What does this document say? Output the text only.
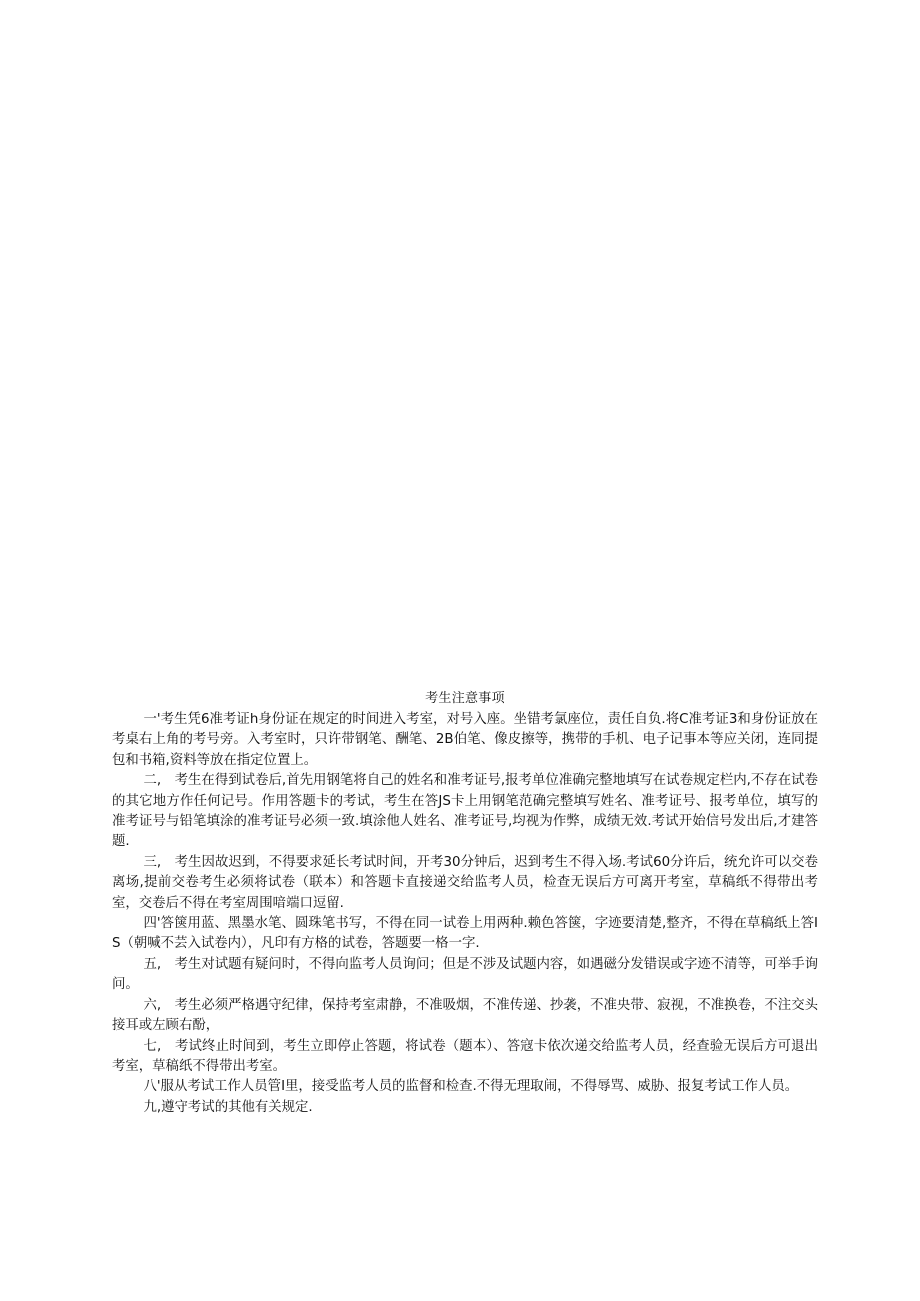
考生注意事项

一'考生凭6准考证h身份证在规定的时间进入考室，对号入座。坐错考氯座位，责任自负.将C准考证3和身份证放在考桌右上角的考号旁。入考室时，只许带钢笔、酬笔、2B伯笔、像皮擦等，携带的手机、电子记事本等应关闭，连同提包和书箱,资料等放在指定位置上。

二,　考生在得到试卷后,首先用钢笔将自己的姓名和准考证号,报考单位准确完整地填写在试卷规定栏内,不存在试卷的其它地方作任何记号。作用答题卡的考试，考生在答JS卡上用钢笔范确完整填写姓名、准考证号、报考单位，填写的准考证号与铅笔填涂的准考证号必须一致.填涂他人姓名、准考证号,均视为作弊，成绩无效.考试开始信号发出后,才建答题.

三,　考生因故迟到，不得要求延长考试时间，开考30分钟后，迟到考生不得入场.考试60分许后，统允许可以交卷离场,提前交卷考生必须将试卷（联本）和答题卡直接递交给监考人员，检查无误后方可离开考室，草稿纸不得带出考室，交卷后不得在考室周围喑端口逗留.

四'答箧用蓝、黑墨水笔、圆珠笔书写，不得在同一试卷上用两种.赖色答箧，字迹要清楚,整齐，不得在草稿纸上答IS（朝喊不芸入试卷内），凡印有方格的试卷，答题要一格一字.

五,　考生对试题有疑问时，不得向监考人员询问；但是不涉及试题内容，如遇磁分发错误或字迹不清等，可举手询问。

六,　考生必须严格遇守纪律，保持考室肃静，不准吸烟，不准传递、抄袭，不准央带、寂视，不准换卷，不注交头接耳或左顾右酚，

七,　考试终止时间到，考生立即停止答题，将试卷（题本）、答寇卡依次递交给监考人员，经查验无误后方可退出考室，草稿纸不得带出考室。

八'服从考试工作人员管I里，接受监考人员的监督和检查.不得无理取闹，不得辱骂、威胁、报复考试工作人员。

九,遵守考试的其他有关规定.
